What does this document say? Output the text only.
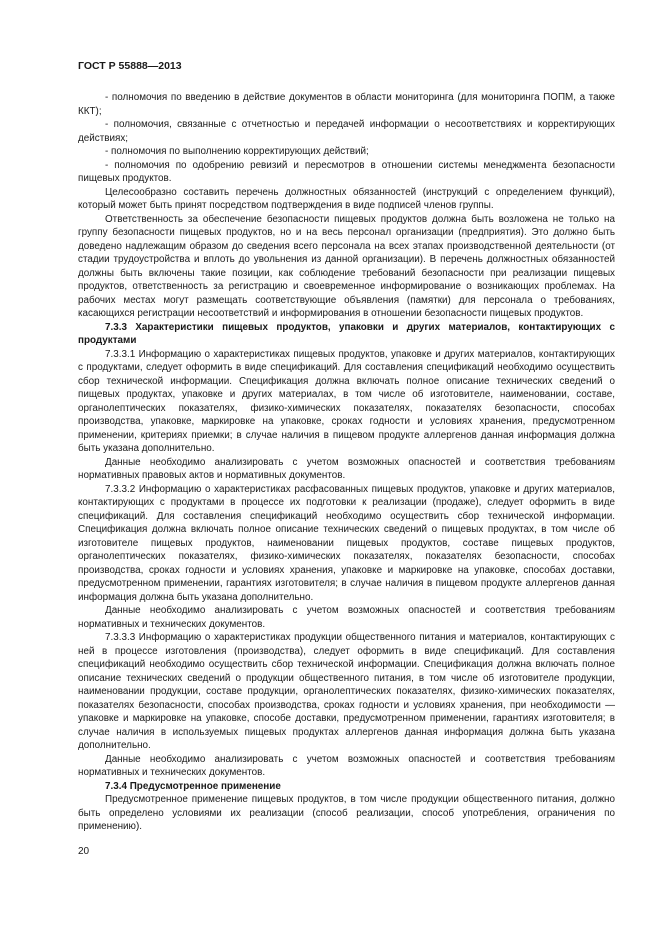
ГОСТ Р 55888—2013

- полномочия по введению в действие документов в области мониторинга (для мониторинга ПОПМ, а также ККТ);

- полномочия, связанные с отчетностью и передачей информации о несоответствиях и корректирующих действиях;

- полномочия по выполнению корректирующих действий;

- полномочия по одобрению ревизий и пересмотров в отношении системы менеджмента безопасности пищевых продуктов.

Целесообразно составить перечень должностных обязанностей (инструкций с определением функций), который может быть принят посредством подтверждения в виде подписей членов группы.

Ответственность за обеспечение безопасности пищевых продуктов должна быть возложена не только на группу безопасности пищевых продуктов, но и на весь персонал организации (предприятия). Это должно быть доведено надлежащим образом до сведения всего персонала на всех этапах производственной деятельности (от стадии трудоустройства и вплоть до увольнения из данной организации). В перечень должностных обязанностей должны быть включены такие позиции, как соблюдение требований безопасности при реализации пищевых продуктов, ответственность за регистрацию и своевременное информирование о возникающих проблемах. На рабочих местах могут размещать соответствующие объявления (памятки) для персонала о требованиях, касающихся регистрации несоответствий и информирования в отношении безопасности пищевых продуктов.

7.3.3 Характеристики пищевых продуктов, упаковки и других материалов, контактирующих с продуктами

7.3.3.1 Информацию о характеристиках пищевых продуктов, упаковке и других материалов, контактирующих с продуктами, следует оформить в виде спецификаций. Для составления спецификаций необходимо осуществить сбор технической информации. Спецификация должна включать полное описание технических сведений о пищевых продуктах, упаковке и других материалах, в том числе об изготовителе, наименовании, составе, органолептических показателях, физико-химических показателях, показателях безопасности, способах производства, упаковке, маркировке на упаковке, сроках годности и условиях хранения, предусмотренном применении, критериях приемки; в случае наличия в пищевом продукте аллергенов данная информация должна быть указана дополнительно.

Данные необходимо анализировать с учетом возможных опасностей и соответствия требованиям нормативных правовых актов и нормативных документов.

7.3.3.2 Информацию о характеристиках расфасованных пищевых продуктов, упаковке и других материалов, контактирующих с продуктами в процессе их подготовки к реализации (продаже), следует оформить в виде спецификаций. Для составления спецификаций необходимо осуществить сбор технической информации. Спецификация должна включать полное описание технических сведений о пищевых продуктах, в том числе об изготовителе пищевых продуктов, наименовании пищевых продуктов, составе пищевых продуктов, органолептических показателях, физико-химических показателях, показателях безопасности, способах производства, сроках годности и условиях хранения, упаковке и маркировке на упаковке, способах доставки, предусмотренном применении, гарантиях изготовителя; в случае наличия в пищевом продукте аллергенов данная информация должна быть указана дополнительно.

Данные необходимо анализировать с учетом возможных опасностей и соответствия требованиям нормативных и технических документов.

7.3.3.3 Информацию о характеристиках продукции общественного питания и материалов, контактирующих с ней в процессе изготовления (производства), следует оформить в виде спецификаций. Для составления спецификаций необходимо осуществить сбор технической информации. Спецификация должна включать полное описание технических сведений о продукции общественного питания, в том числе об изготовителе продукции, наименовании продукции, составе продукции, органолептических показателях, физико-химических показателях, показателях безопасности, способах производства, сроках годности и условиях хранения, при необходимости — упаковке и маркировке на упаковке, способе доставки, предусмотренном применении, гарантиях изготовителя; в случае наличия в используемых пищевых продуктах аллергенов данная информация должна быть указана дополнительно.

Данные необходимо анализировать с учетом возможных опасностей и соответствия требованиям нормативных и технических документов.

7.3.4 Предусмотренное применение

Предусмотренное применение пищевых продуктов, в том числе продукции общественного питания, должно быть определено условиями их реализации (способ реализации, способ употребления, ограничения по применению).

20
